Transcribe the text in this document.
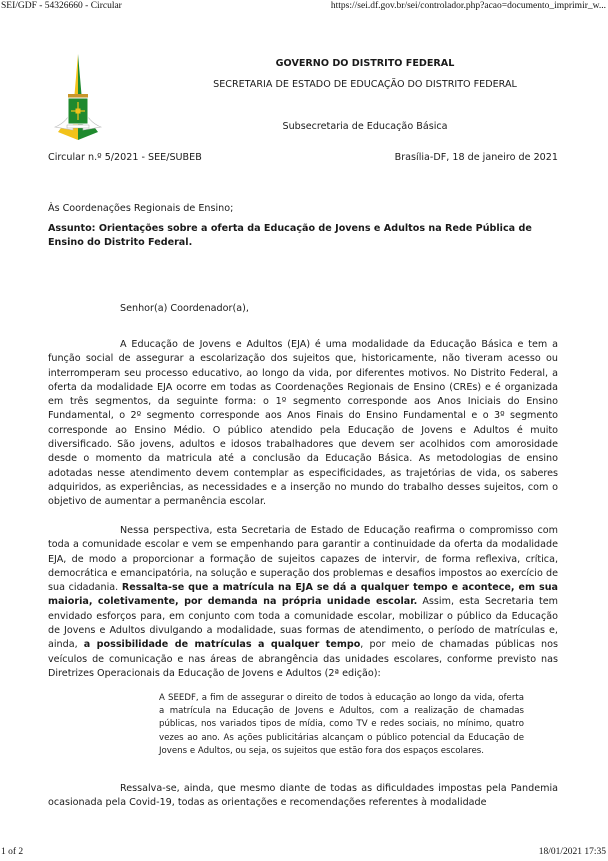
SEI/GDF - 54326660 - Circular	https://sei.df.gov.br/sei/controlador.php?acao=documento_imprimir_w...
GOVERNO DO DISTRITO FEDERAL
SECRETARIA DE ESTADO DE EDUCAÇÃO DO DISTRITO FEDERAL
Subsecretaria de Educação Básica
Circular n.º 5/2021 - SEE/SUBEB	Brasília-DF, 18 de janeiro de 2021
Às Coordenações Regionais de Ensino;
Assunto: Orientações sobre a oferta da Educação de Jovens e Adultos na Rede Pública de Ensino do Distrito Federal.
Senhor(a) Coordenador(a),
A Educação de Jovens e Adultos (EJA) é uma modalidade da Educação Básica e tem a função social de assegurar a escolarização dos sujeitos que, historicamente, não tiveram acesso ou interromperam seu processo educativo, ao longo da vida, por diferentes motivos. No Distrito Federal, a oferta da modalidade EJA ocorre em todas as Coordenações Regionais de Ensino (CREs) e é organizada em três segmentos, da seguinte forma: o 1º segmento corresponde aos Anos Iniciais do Ensino Fundamental, o 2º segmento corresponde aos Anos Finais do Ensino Fundamental e o 3º segmento corresponde ao Ensino Médio. O público atendido pela Educação de Jovens e Adultos é muito diversificado. São jovens, adultos e idosos trabalhadores que devem ser acolhidos com amorosidade desde o momento da matricula até a conclusão da Educação Básica. As metodologias de ensino adotadas nesse atendimento devem contemplar as especificidades, as trajetórias de vida, os saberes adquiridos, as experiências, as necessidades e a inserção no mundo do trabalho desses sujeitos, com o objetivo de aumentar a permanência escolar.
Nessa perspectiva, esta Secretaria de Estado de Educação reafirma o compromisso com toda a comunidade escolar e vem se empenhando para garantir a continuidade da oferta da modalidade EJA, de modo a proporcionar a formação de sujeitos capazes de intervir, de forma reflexiva, crítica, democrática e emancipatória, na solução e superação dos problemas e desafios impostos ao exercício de sua cidadania. Ressalta-se que a matrícula na EJA se dá a qualquer tempo e acontece, em sua maioria, coletivamente, por demanda na própria unidade escolar. Assim, esta Secretaria tem envidado esforços para, em conjunto com toda a comunidade escolar, mobilizar o público da Educação de Jovens e Adultos divulgando a modalidade, suas formas de atendimento, o período de matrículas e, ainda, a possibilidade de matrículas a qualquer tempo, por meio de chamadas públicas nos veículos de comunicação e nas áreas de abrangência das unidades escolares, conforme previsto nas Diretrizes Operacionais da Educação de Jovens e Adultos (2ª edição):
A SEEDF, a fim de assegurar o direito de todos à educação ao longo da vida, oferta a matrícula na Educação de Jovens e Adultos, com a realização de chamadas públicas, nos variados tipos de mídia, como TV e redes sociais, no mínimo, quatro vezes ao ano. As ações publicitárias alcançam o público potencial da Educação de Jovens e Adultos, ou seja, os sujeitos que estão fora dos espaços escolares.
Ressalva-se, ainda, que mesmo diante de todas as dificuldades impostas pela Pandemia ocasionada pela Covid-19, todas as orientações e recomendações referentes à modalidade
1 of 2	18/01/2021 17:35
